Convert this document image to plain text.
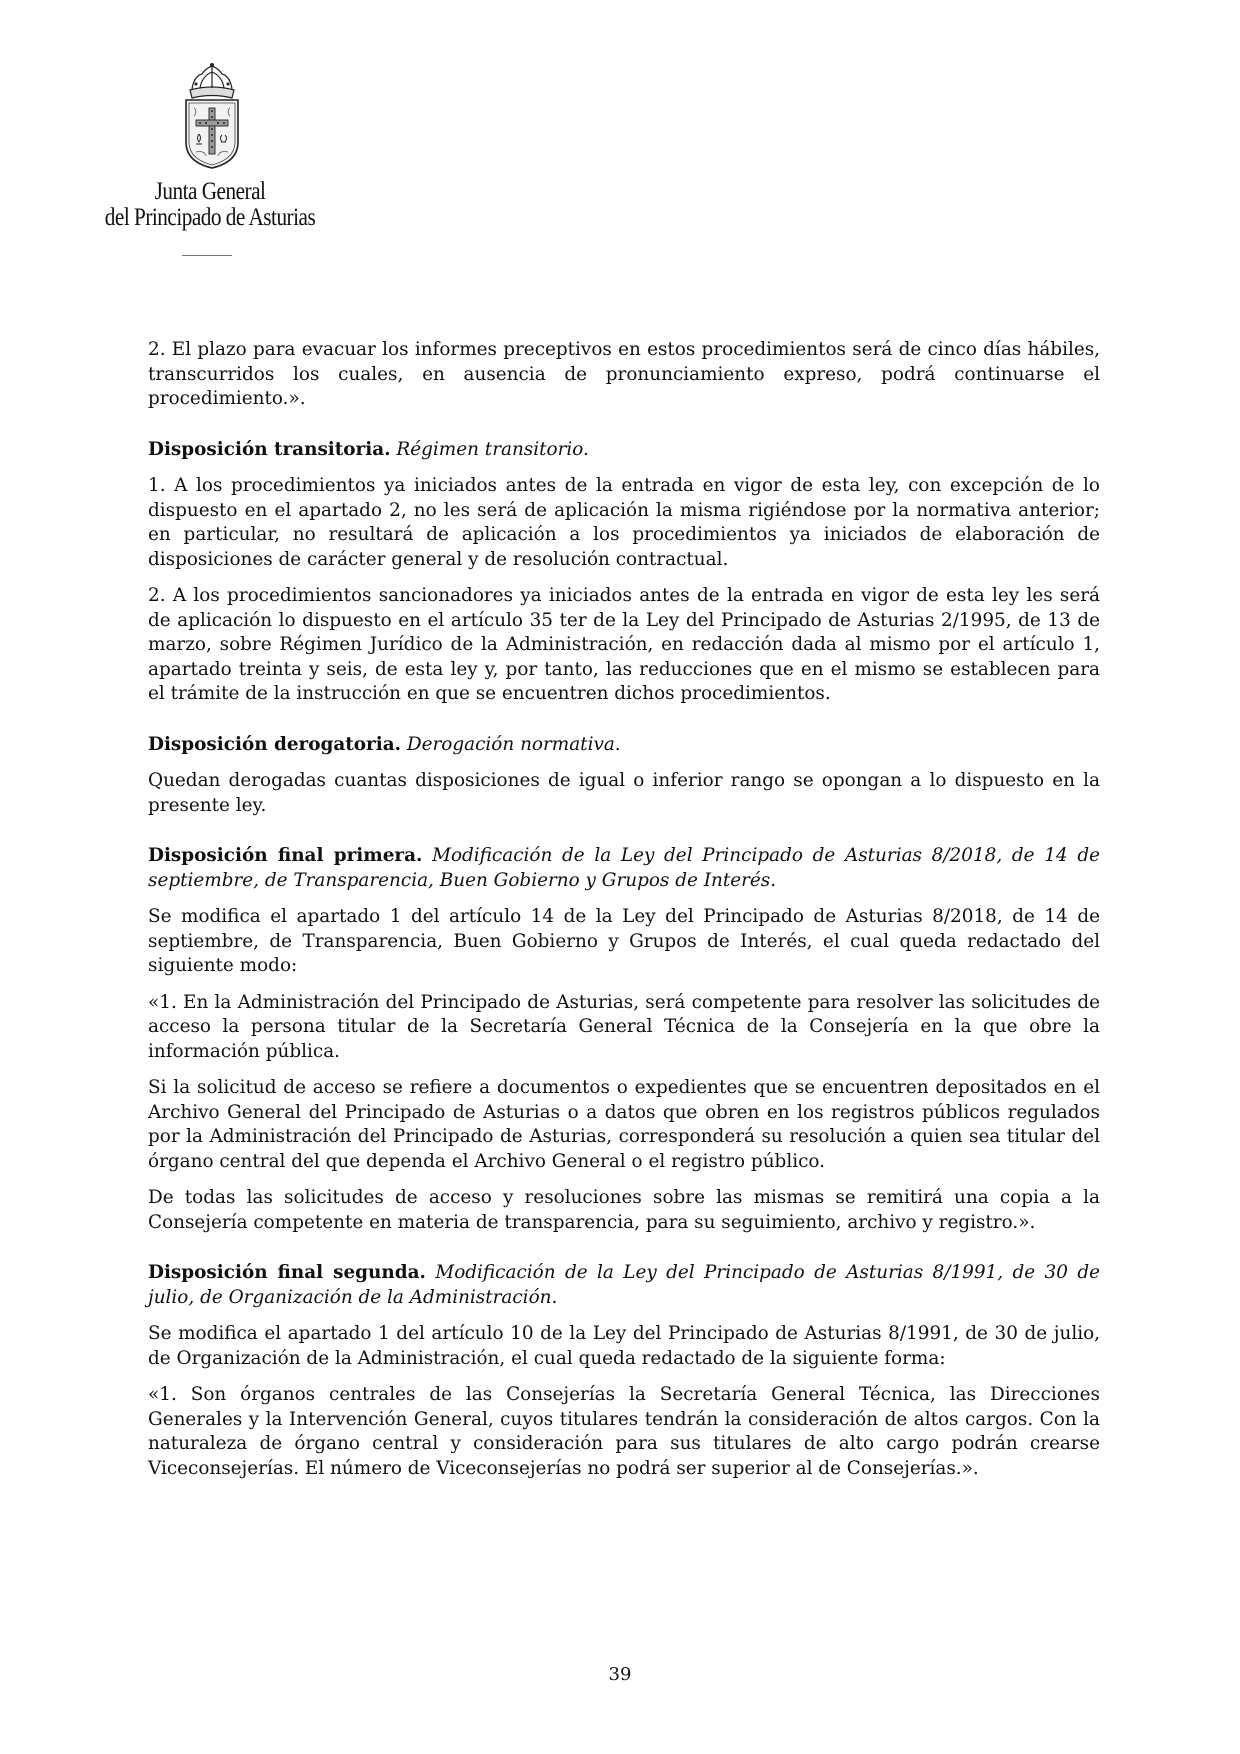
Junta General
del Principado de Asturias

2. El plazo para evacuar los informes preceptivos en estos procedimientos será de cinco días hábiles, transcurridos los cuales, en ausencia de pronunciamiento expreso, podrá continuarse el procedimiento.».

Disposición transitoria. Régimen transitorio.

1. A los procedimientos ya iniciados antes de la entrada en vigor de esta ley, con excepción de lo dispuesto en el apartado 2, no les será de aplicación la misma rigiéndose por la normativa anterior; en particular, no resultará de aplicación a los procedimientos ya iniciados de elaboración de disposiciones de carácter general y de resolución contractual.

2. A los procedimientos sancionadores ya iniciados antes de la entrada en vigor de esta ley les será de aplicación lo dispuesto en el artículo 35 ter de la Ley del Principado de Asturias 2/1995, de 13 de marzo, sobre Régimen Jurídico de la Administración, en redacción dada al mismo por el artículo 1, apartado treinta y seis, de esta ley y, por tanto, las reducciones que en el mismo se establecen para el trámite de la instrucción en que se encuentren dichos procedimientos.

Disposición derogatoria. Derogación normativa.

Quedan derogadas cuantas disposiciones de igual o inferior rango se opongan a lo dispuesto en la presente ley.

Disposición final primera. Modificación de la Ley del Principado de Asturias 8/2018, de 14 de septiembre, de Transparencia, Buen Gobierno y Grupos de Interés.

Se modifica el apartado 1 del artículo 14 de la Ley del Principado de Asturias 8/2018, de 14 de septiembre, de Transparencia, Buen Gobierno y Grupos de Interés, el cual queda redactado del siguiente modo:

«1. En la Administración del Principado de Asturias, será competente para resolver las solicitudes de acceso la persona titular de la Secretaría General Técnica de la Consejería en la que obre la información pública.

Si la solicitud de acceso se refiere a documentos o expedientes que se encuentren depositados en el Archivo General del Principado de Asturias o a datos que obren en los registros públicos regulados por la Administración del Principado de Asturias, corresponderá su resolución a quien sea titular del órgano central del que dependa el Archivo General o el registro público.

De todas las solicitudes de acceso y resoluciones sobre las mismas se remitirá una copia a la Consejería competente en materia de transparencia, para su seguimiento, archivo y registro.».

Disposición final segunda. Modificación de la Ley del Principado de Asturias 8/1991, de 30 de julio, de Organización de la Administración.

Se modifica el apartado 1 del artículo 10 de la Ley del Principado de Asturias 8/1991, de 30 de julio, de Organización de la Administración, el cual queda redactado de la siguiente forma:

«1. Son órganos centrales de las Consejerías la Secretaría General Técnica, las Direcciones Generales y la Intervención General, cuyos titulares tendrán la consideración de altos cargos. Con la naturaleza de órgano central y consideración para sus titulares de alto cargo podrán crearse Viceconsejerías. El número de Viceconsejerías no podrá ser superior al de Consejerías.».

39
